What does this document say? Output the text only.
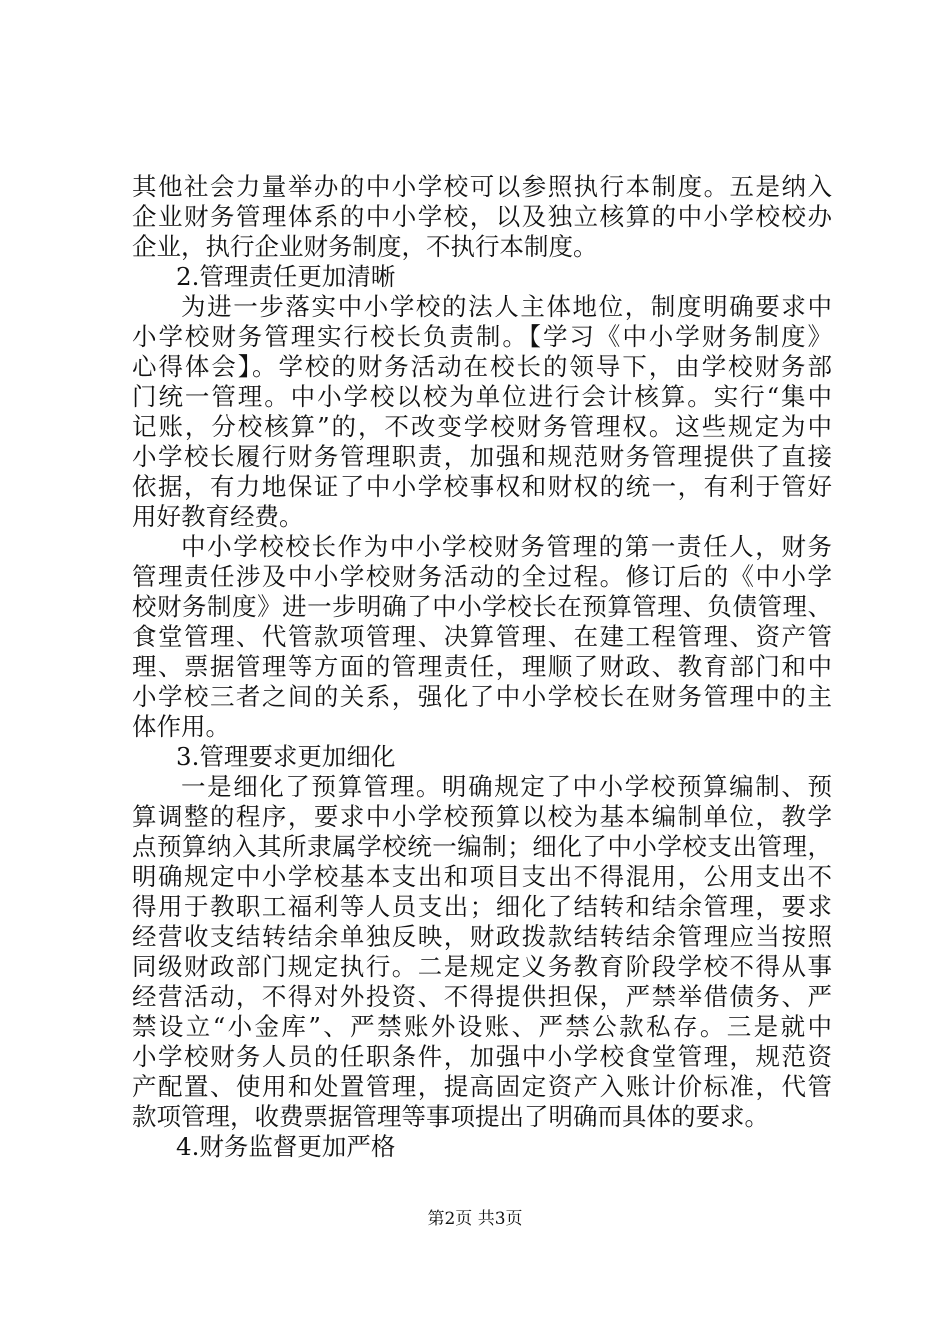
其他社会力量举办的中小学校可以参照执行本制度。五是纳入
企业财务管理体系的中小学校，以及独立核算的中小学校校办
企业，执行企业财务制度，不执行本制度。
2.管理责任更加清晰
为进一步落实中小学校的法人主体地位，制度明确要求中
小学校财务管理实行校长负责制。【学习《中小学财务制度》
心得体会】。学校的财务活动在校长的领导下，由学校财务部
门统一管理。中小学校以校为单位进行会计核算。实行“集中
记账，分校核算”的，不改变学校财务管理权。这些规定为中
小学校长履行财务管理职责，加强和规范财务管理提供了直接
依据，有力地保证了中小学校事权和财权的统一，有利于管好
用好教育经费。
中小学校校长作为中小学校财务管理的第一责任人，财务
管理责任涉及中小学校财务活动的全过程。修订后的《中小学
校财务制度》进一步明确了中小学校长在预算管理、负债管理、
食堂管理、代管款项管理、决算管理、在建工程管理、资产管
理、票据管理等方面的管理责任，理顺了财政、教育部门和中
小学校三者之间的关系，强化了中小学校长在财务管理中的主
体作用。
3.管理要求更加细化
一是细化了预算管理。明确规定了中小学校预算编制、预
算调整的程序，要求中小学校预算以校为基本编制单位，教学
点预算纳入其所隶属学校统一编制；细化了中小学校支出管理，
明确规定中小学校基本支出和项目支出不得混用，公用支出不
得用于教职工福利等人员支出；细化了结转和结余管理，要求
经营收支结转结余单独反映，财政拨款结转结余管理应当按照
同级财政部门规定执行。二是规定义务教育阶段学校不得从事
经营活动，不得对外投资、不得提供担保，严禁举借债务、严
禁设立“小金库”、严禁账外设账、严禁公款私存。三是就中
小学校财务人员的任职条件，加强中小学校食堂管理，规范资
产配置、使用和处置管理，提高固定资产入账计价标准，代管
款项管理，收费票据管理等事项提出了明确而具体的要求。
4.财务监督更加严格
第2页 共3页
